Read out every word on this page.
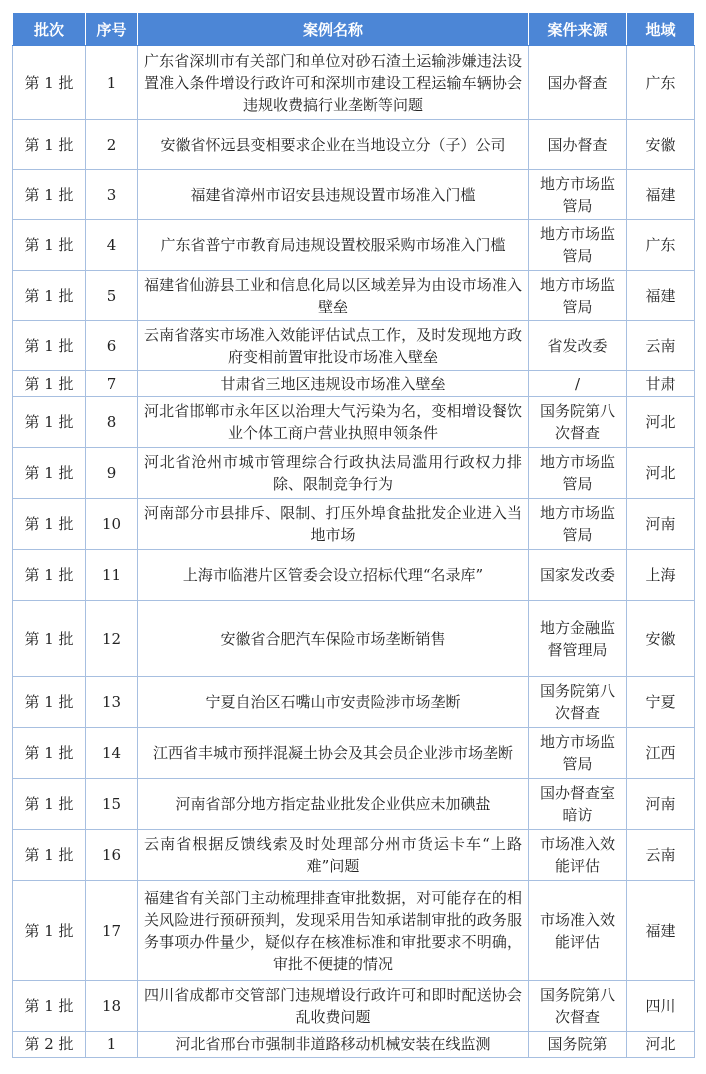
批次	序号	案例名称	案件来源	地域
第 1 批	1	广东省深圳市有关部门和单位对砂石渣土运输涉嫌违法设置准入条件增设行政许可和深圳市建设工程运输车辆协会违规收费搞行业垄断等问题	国办督查	广东
第 1 批	2	安徽省怀远县变相要求企业在当地设立分（子）公司	国办督查	安徽
第 1 批	3	福建省漳州市诏安县违规设置市场准入门槛	地方市场监管局	福建
第 1 批	4	广东省普宁市教育局违规设置校服采购市场准入门槛	地方市场监管局	广东
第 1 批	5	福建省仙游县工业和信息化局以区域差异为由设市场准入壁垒	地方市场监管局	福建
第 1 批	6	云南省落实市场准入效能评估试点工作，及时发现地方政府变相前置审批设市场准入壁垒	省发改委	云南
第 1 批	7	甘肃省三地区违规设市场准入壁垒	/	甘肃
第 1 批	8	河北省邯郸市永年区以治理大气污染为名，变相增设餐饮业个体工商户营业执照申领条件	国务院第八次督查	河北
第 1 批	9	河北省沧州市城市管理综合行政执法局滥用行政权力排除、限制竞争行为	地方市场监管局	河北
第 1 批	10	河南部分市县排斥、限制、打压外埠食盐批发企业进入当地市场	地方市场监管局	河南
第 1 批	11	上海市临港片区管委会设立招标代理“名录库”	国家发改委	上海
第 1 批	12	安徽省合肥汽车保险市场垄断销售	地方金融监督管理局	安徽
第 1 批	13	宁夏自治区石嘴山市安责险涉市场垄断	国务院第八次督查	宁夏
第 1 批	14	江西省丰城市预拌混凝土协会及其会员企业涉市场垄断	地方市场监管局	江西
第 1 批	15	河南省部分地方指定盐业批发企业供应未加碘盐	国办督查室暗访	河南
第 1 批	16	云南省根据反馈线索及时处理部分州市货运卡车“上路难”问题	市场准入效能评估	云南
第 1 批	17	福建省有关部门主动梳理排查审批数据，对可能存在的相关风险进行预研预判，发现采用告知承诺制审批的政务服务事项办件量少，疑似存在核准标准和审批要求不明确，审批不便捷的情况	市场准入效能评估	福建
第 1 批	18	四川省成都市交管部门违规增设行政许可和即时配送协会乱收费问题	国务院第八次督查	四川
第 2 批	1	河北省邢台市强制非道路移动机械安装在线监测	国务院第	河北
